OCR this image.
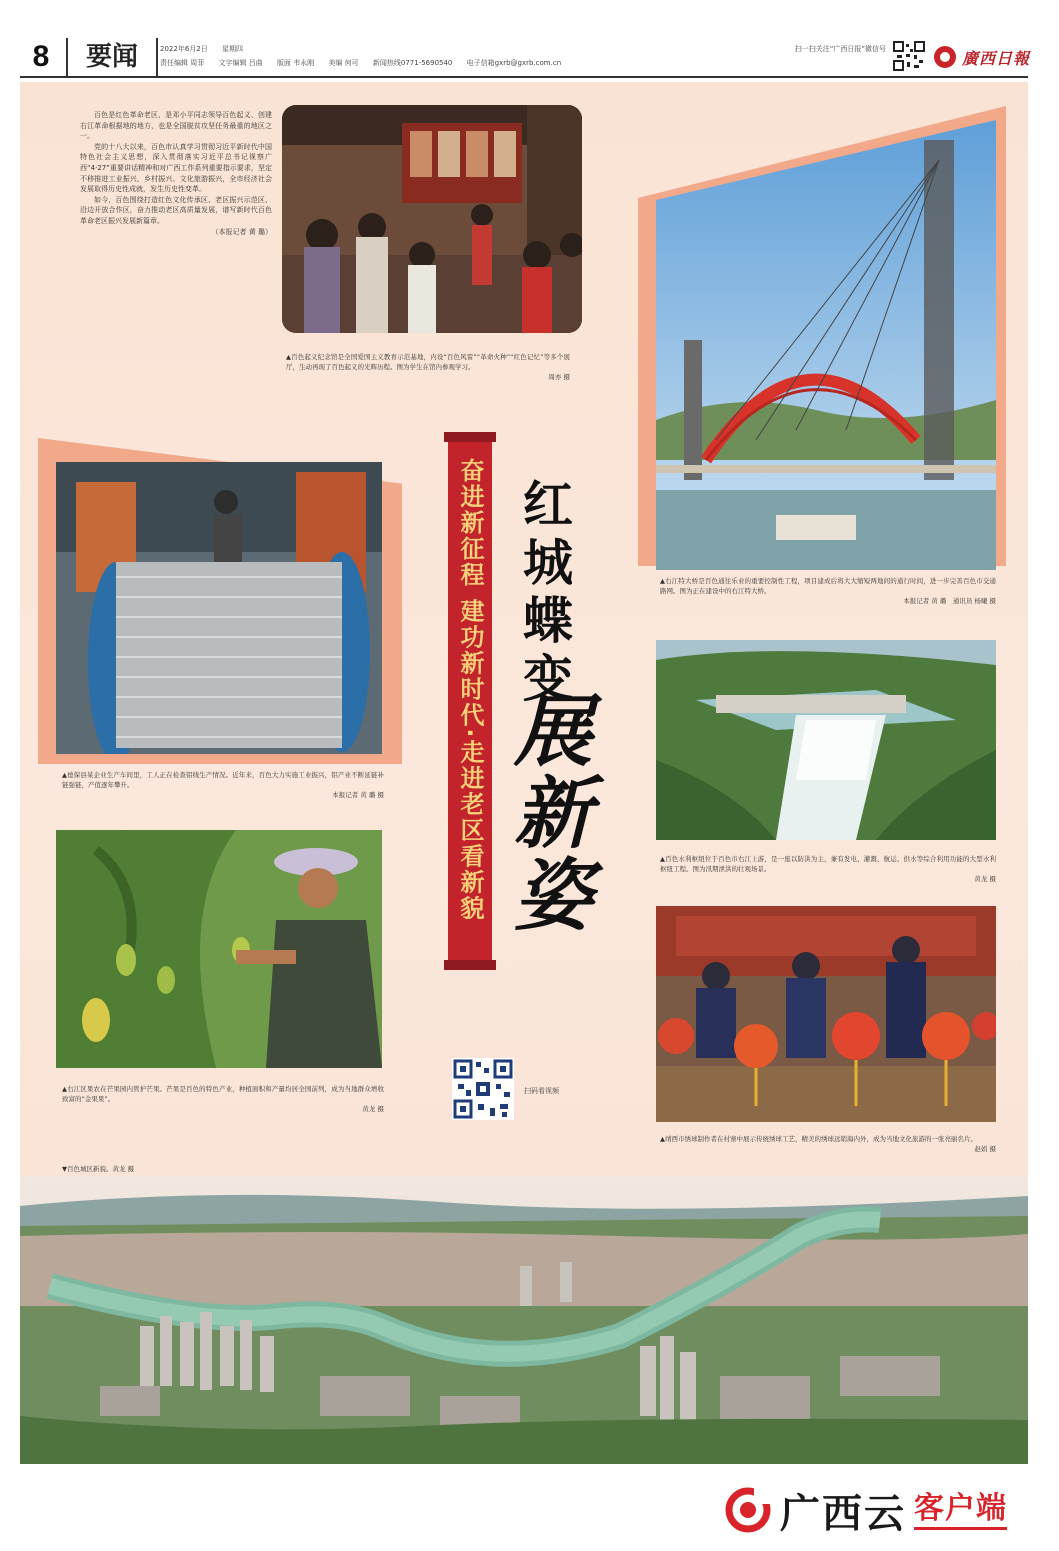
8	要闻	2022年6月2日 星期四
责任编辑 周菲 文字编辑 吕曲 版面 韦永刚 美编 何可 新闻热线0771-5690540 电子信箱gxrb@gxrb.com.cn
扫一扫关注“广西日报”微信号	廣西日報

百色是红色革命老区，是邓小平同志领导百色起义、创建右江革命根据地的地方，也是全国脱贫攻坚任务最重的地区之一。

党的十八大以来，百色市认真学习贯彻习近平新时代中国特色社会主义思想，深入贯彻落实习近平总书记视察广西“4·27”重要讲话精神和对广西工作系列重要指示要求，坚定不移推进工业振兴、乡村振兴、文化旅游振兴，全市经济社会发展取得历史性成就，发生历史性变革。

如今，百色围绕打造红色文化传承区、老区振兴示范区、沿边开放合作区，奋力推动老区高质量发展，谱写新时代百色革命老区振兴发展新篇章。

（本报记者 黄 璐）

▲百色起义纪念馆是全国爱国主义教育示范基地，内设“百色风雷”“革命火种”“红色记忆”等多个展厅，生动再现了百色起义的光辉历程。图为学生在馆内参观学习。
周亦 摄
▲右江特大桥是百色通往乐业的重要控制性工程，项目建成后将大大缩短两地间的通行时间，进一步完善百色市交通路网。图为正在建设中的右江特大桥。
本报记者 黄 璐　通讯员 杨曦 摄
▲百色水利枢纽位于百色市右江上游，是一座以防洪为主，兼有发电、灌溉、航运、供水等综合利用功能的大型水利枢纽工程。图为汛期泄洪的壮观场景。
黄龙 摄
▲靖西市绣球制作者在村寨中展示传统绣球工艺，精美的绣球远销海内外，成为当地文化旅游的一张亮丽名片。
赵娟 摄
▲德保县某企业生产车间里，工人正在检查铝线生产情况。近年来，百色大力实施工业振兴，铝产业不断延链补链强链，产值逐年攀升。
本报记者 黄 璐 摄
▲右江区果农在芒果园内管护芒果。芒果是百色的特色产业，种植面积和产量均居全国前列，成为当地群众增收致富的“金果果”。
黄龙 摄
奋进新征程 建功新时代·走进老区看新貌 红城蝶变
展新姿
扫码看视频
▼百色城区新貌。黄龙 摄
广西云 客户端
